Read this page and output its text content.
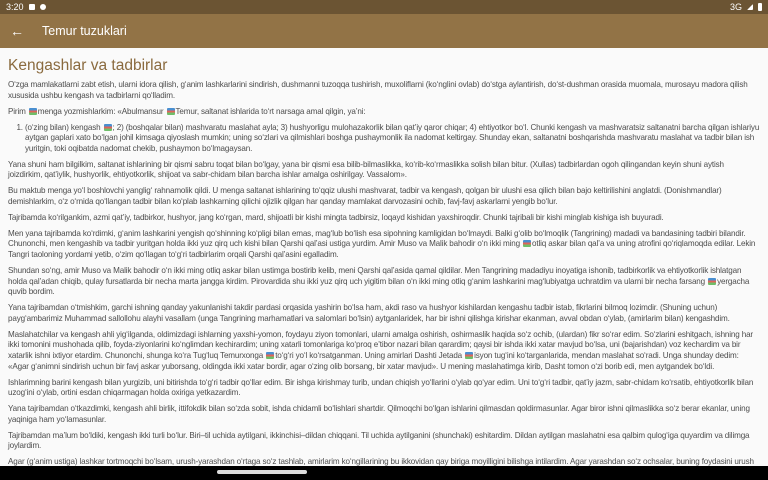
3:20	3G
←	Temur tuzuklari
Kengashlar va tadbirlar

O‘zga mamlakatlarni zabt etish, ularni idora qilish, g‘anim lashkarlarini sindirish, dushmanni tuzoqqa tushirish, muxoliflarni (ko‘nglini ovlab) do‘stga aylantirish, do‘st-dushman orasida muomala, murosayu madora qilish xususida ushbu kengash va tadbirlarni qo‘lladim.

Pirim menga yozmishlarkim: «Abulmansur Temur, saltanat ishlarida to‘rt narsaga amal qilgin, ya’ni:

1. (o‘zing bilan) kengash ; 2) (boshqalar bilan) mashvaratu maslahat ayla; 3) hushyorligu mulohazakorlik bilan qat’iy qaror chiqar; 4) ehtiyotkor bo‘l. Chunki kengash va mashvaratsiz saltanatni barcha qilgan ishlariyu aytgan gaplari xato bo‘lgan johil kimsaga qiyoslash mumkin; uning so‘zlari va qilmishlari boshga pushaymonlik ila nadomat keltirgay. Shunday ekan, saltanatni boshqarishda mashvaratu maslahat va tadbir bilan ish yuritgin, toki oqibatda nadomat chekib, pushaymon bo‘lmagaysan.

Yana shuni ham bilgilkim, saltanat ishlarining bir qismi sabru toqat bilan bo‘lgay, yana bir qismi esa bilib-bilmaslikka, ko‘rib-ko‘rmaslikka solish bilan bitur. (Xullas) tadbirlardan ogoh qilingandan keyin shuni aytish joizdirkim, qat’iylik, hushyorlik, ehtiyotkorlik, shijoat va sabr-chidam bilan barcha ishlar amalga oshirilgay. Vassalom».

Bu maktub menga yo‘l boshlovchi yanglig‘ rahnamolik qildi. U menga saltanat ishlarining to‘qqiz ulushi mashvarat, tadbir va kengash, qolgan bir ulushi esa qilich bilan bajo keltirilishini anglatdi. (Donishmandlar) demishlarkim, o‘z o‘rnida qo‘llangan tadbir bilan ko‘plab lashkarning qilichi ojizlik qilgan har qanday mamlakat darvozasini ochib, favj-favj askarlarni yengib bo‘lur.

Tajribamda ko‘rilgankim, azmi qat’iy, tadbirkor, hushyor, jang ko‘rgan, mard, shijoatli bir kishi mingta tadbirsiz, loqayd kishidan yaxshiroqdir. Chunki tajribali bir kishi minglab kishiga ish buyuradi.

Men yana tajribamda ko‘rdimki, g‘anim lashkarini yengish qo‘shinning ko‘pligi bilan emas, mag‘lub bo‘lish esa sipohning kamligidan bo‘lmaydi. Balki g‘olib bo‘lmoqlik (Tangrining) madadi va bandasining tadbiri bilandir. Chunonchi, men kengashib va tadbir yuritgan holda ikki yuz qirq uch kishi bilan Qarshi qal’asi ustiga yurdim. Amir Muso va Malik bahodir o‘n ikki ming otliq askar bilan qal’a va uning atrofini qo‘riqlamoqda edilar. Lekin Tangri taoloning yordami yetib, o‘zim qo‘llagan to‘g‘ri tadbirlarim orqali Qarshi qal’asini egalladim.

Shundan so‘ng, amir Muso va Malik bahodir o‘n ikki ming otliq askar bilan ustimga bostirib kelib, meni Qarshi qal’asida qamal qildilar. Men Tangrining madadiyu inoyatiga ishonib, tadbirkorlik va ehtiyotkorlik ishlatgan holda qal’adan chiqib, qulay fursatlarda bir necha marta jangga kirdim. Pirovardida shu ikki yuz qirq uch yigitim bilan o‘n ikki ming otliq g‘anim lashkarini mag‘lubiyatga uchratdim va ularni bir necha farsang yergacha quvib bordim.

Yana tajribamdan o‘tmishkim, garchi ishning qanday yakunlanishi takdir pardasi orqasida yashirin bo‘lsa ham, akdi raso va hushyor kishilardan kengashu tadbir istab, fikrlarini bilmoq lozimdir. (Shuning uchun) payg‘ambarimiz Muhammad sallollohu alayhi vasallam (unga Tangrining marhamatlari va salomlari bo‘lsin) aytganlaridek, har bir ishni qilishga kirishar ekanman, avval obdan o‘ylab, (amirlarim bilan) kengashdim.

Maslahatchilar va kengash ahli yig‘ilganda, oldimizdagi ishlarning yaxshi-yomon, foydayu ziyon tomonlari, ularni amalga oshirish, oshirmaslik haqida so‘z ochib, (ulardan) fikr so‘rar edim. So‘zlarini eshitgach, ishning har ikki tomonini mushohada qilib, foyda-ziyonlarini ko‘nglimdan kechirardim; uning xatarli tomonlariga ko‘proq e’tibor nazari bilan qarardim; qaysi bir ishda ikki xatar mavjud bo‘lsa, uni (bajarishdan) voz kechardim va bir xatarlik ishni ixtiyor etardim. Chunonchi, shunga ko‘ra Tug‘luq Temurxonga to‘g‘ri yo‘l ko‘rsatganman. Uning amirlari Dashti Jetada isyon tug‘ini ko‘targanlarida, mendan maslahat so‘radi. Unga shunday dedim: «Agar g‘animni sindirish uchun bir favj askar yuborsang, oldingda ikki xatar bordir, agar o‘zing olib borsang, bir xatar mavjud». U mening maslahatimga kirib, Dasht tomon o‘zi borib edi, men aytgandek bo‘ldi.

Ishlarimning barini kengash bilan yurgizib, uni bitirishda to‘g‘ri tadbir qo‘llar edim. Bir ishga kirishmay turib, undan chiqish yo‘llarini o‘ylab qo‘yar edim. Uni to‘g‘ri tadbir, qat’iy jazm, sabr-chidam ko‘rsatib, ehtiyotkorlik bilan uzog‘ini o‘ylab, ortini esdan chiqarmagan holda oxiriga yetkazardim.

Yana tajribamdan o‘tkazdimki, kengash ahli birlik, ittifokdik bilan so‘zda sobit, ishda chidamli bo‘lishlari shartdir. Qilmoqchi bo‘lgan ishlarini qilmasdan qoldirmasunlar. Agar biror ishni qilmaslikka so‘z berar ekanlar, uning yaqiniga ham yo‘lamasunlar.

Tajribamdan ma’lum bo‘ldiki, kengash ikki turli bo‘lur. Biri–til uchida aytilgani, ikkinchisi–dildan chiqqani. Til uchida aytilganini (shunchaki) eshitardim. Dildan aytilgan maslahatni esa qalbim qulog‘iga quyardim va dilimga joylardim.

Agar (g‘anim ustiga) lashkar tortmoqchi bo‘lsam, urush-yarashdan o‘rtaga so‘z tashlab, amirlarim ko‘ngillarining bu ikkovidan qay biriga moyilligini bilishga intilardim. Agar yarashdan so‘z ochsalar, buning foydasini urush
